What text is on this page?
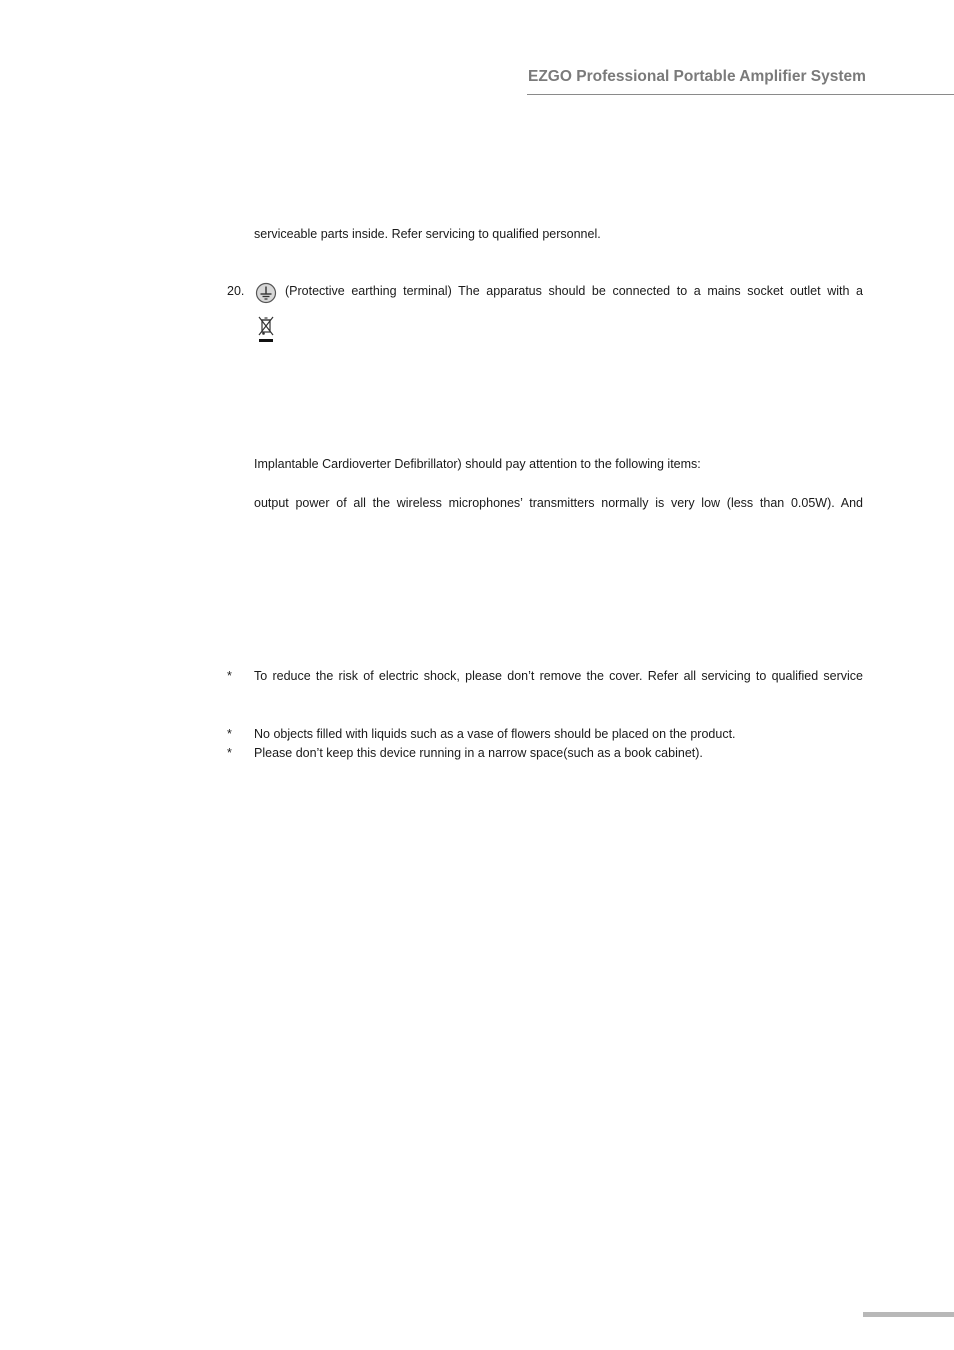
EZGO Professional Portable Amplifier System
serviceable parts inside. Refer servicing to qualified personnel.
20.	(Protective earthing terminal) The apparatus should be connected to a mains socket outlet with a
Implantable Cardioverter Defibrillator) should pay attention to the following items:
output power of all the wireless microphones’ transmitters normally is very low (less than 0.05W). And
* To reduce the risk of electric shock, please don’t remove the cover. Refer all servicing to qualified service
* No objects filled with liquids such as a vase of flowers should be placed on the product.
* Please don’t keep this device running in a narrow space(such as a book cabinet).
